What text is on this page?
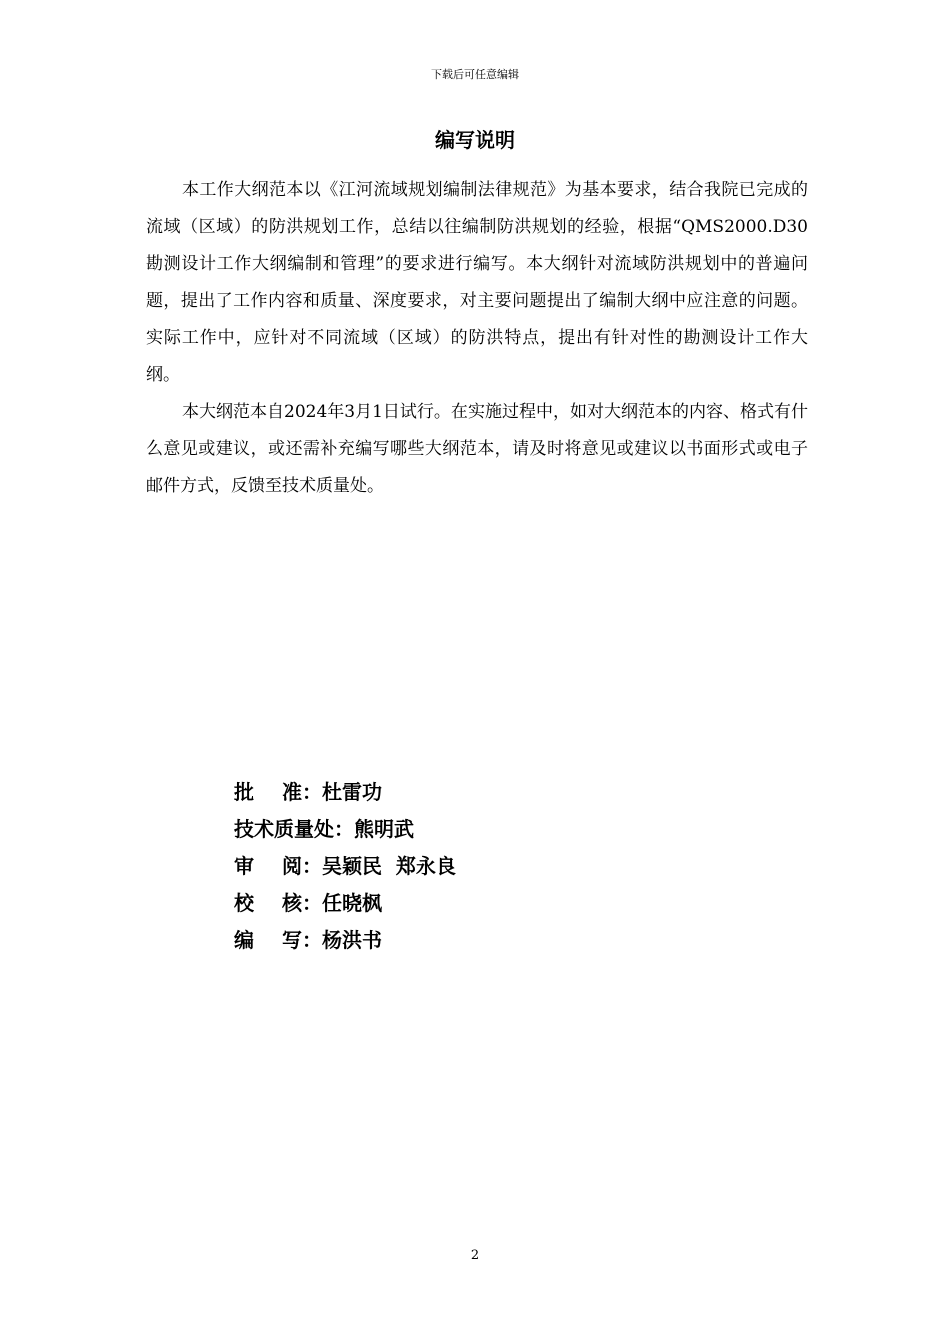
下载后可任意编辑
编写说明

本工作大纲范本以《江河流域规划编制法律规范》为基本要求，结合我院已完成的流域（区域）的防洪规划工作，总结以往编制防洪规划的经验，根据“QMS2000.D30勘测设计工作大纲编制和管理”的要求进行编写。本大纲针对流域防洪规划中的普遍问题，提出了工作内容和质量、深度要求，对主要问题提出了编制大纲中应注意的问题。实际工作中，应针对不同流域（区域）的防洪特点，提出有针对性的勘测设计工作大纲。

本大纲范本自2024年3月1日试行。在实施过程中，如对大纲范本的内容、格式有什么意见或建议，或还需补充编写哪些大纲范本，请及时将意见或建议以书面形式或电子邮件方式，反馈至技术质量处。

批 准： 杜雷功
技术质量处： 熊明武
审 阅： 吴颖民  郑永良
校 核： 任晓枫
编 写： 杨洪书
2
